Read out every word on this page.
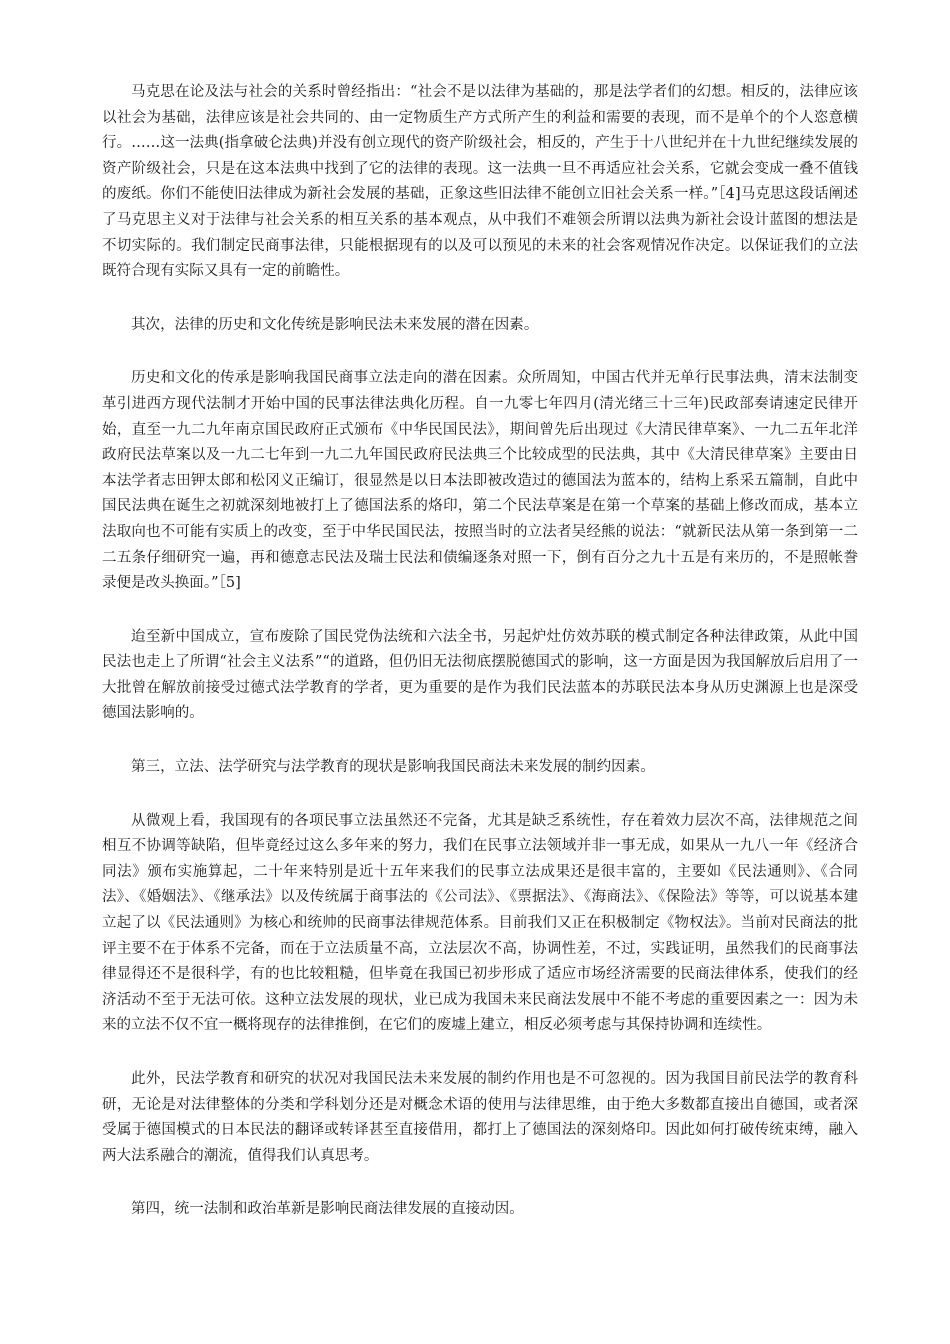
马克思在论及法与社会的关系时曾经指出：“社会不是以法律为基础的，那是法学者们的幻想。相反的，法律应该以社会为基础，法律应该是社会共同的、由一定物质生产方式所产生的利益和需要的表现，而不是单个的个人恣意横行。……这一法典(指拿破仑法典)并没有创立现代的资产阶级社会，相反的，产生于十八世纪并在十九世纪继续发展的资产阶级社会，只是在这本法典中找到了它的法律的表现。这一法典一旦不再适应社会关系，它就会变成一叠不值钱的废纸。你们不能使旧法律成为新社会发展的基础，正象这些旧法律不能创立旧社会关系一样。”［4]马克思这段话阐述了马克思主义对于法律与社会关系的相互关系的基本观点，从中我们不难领会所谓以法典为新社会设计蓝图的想法是不切实际的。我们制定民商事法律，只能根据现有的以及可以预见的未来的社会客观情况作决定。以保证我们的立法既符合现有实际又具有一定的前瞻性。

其次，法律的历史和文化传统是影响民法未来发展的潜在因素。

历史和文化的传承是影响我国民商事立法走向的潜在因素。众所周知，中国古代并无单行民事法典，清末法制变革引进西方现代法制才开始中国的民事法律法典化历程。自一九零七年四月(清光绪三十三年)民政部奏请速定民律开始，直至一九二九年南京国民政府正式颁布《中华民国民法》，期间曾先后出现过《大清民律草案》、一九二五年北洋政府民法草案以及一九二七年到一九二九年国民政府民法典三个比较成型的民法典，其中《大清民律草案》主要由日本法学者志田钾太郎和松冈义正编订，很显然是以日本法即被改造过的德国法为蓝本的，结构上系采五篇制，自此中国民法典在诞生之初就深刻地被打上了德国法系的烙印，第二个民法草案是在第一个草案的基础上修改而成，基本立法取向也不可能有实质上的改变，至于中华民国民法，按照当时的立法者吴经熊的说法：“就新民法从第一条到第一二二五条仔细研究一遍，再和德意志民法及瑞士民法和债编逐条对照一下，倒有百分之九十五是有来历的，不是照帐誊录便是改头换面。”［5]

迨至新中国成立，宣布废除了国民党伪法统和六法全书，另起炉灶仿效苏联的模式制定各种法律政策，从此中国民法也走上了所谓“社会主义法系”“的道路，但仍旧无法彻底摆脱德国式的影响，这一方面是因为我国解放后启用了一大批曾在解放前接受过德式法学教育的学者，更为重要的是作为我们民法蓝本的苏联民法本身从历史渊源上也是深受德国法影响的。

第三，立法、法学研究与法学教育的现状是影响我国民商法未来发展的制约因素。

从微观上看，我国现有的各项民事立法虽然还不完备，尤其是缺乏系统性，存在着效力层次不高，法律规范之间相互不协调等缺陷，但毕竟经过这么多年来的努力，我们在民事立法领域并非一事无成，如果从一九八一年《经济合同法》颁布实施算起，二十年来特别是近十五年来我们的民事立法成果还是很丰富的，主要如《民法通则》、《合同法》、《婚姻法》、《继承法》以及传统属于商事法的《公司法》、《票据法》、《海商法》、《保险法》等等，可以说基本建立起了以《民法通则》为核心和统帅的民商事法律规范体系。目前我们又正在积极制定《物权法》。当前对民商法的批评主要不在于体系不完备，而在于立法质量不高，立法层次不高，协调性差，不过，实践证明，虽然我们的民商事法律显得还不是很科学，有的也比较粗糙，但毕竟在我国已初步形成了适应市场经济需要的民商法律体系，使我们的经济活动不至于无法可依。这种立法发展的现状，业已成为我国未来民商法发展中不能不考虑的重要因素之一：因为未来的立法不仅不宜一概将现存的法律推倒，在它们的废墟上建立，相反必须考虑与其保持协调和连续性。

此外，民法学教育和研究的状况对我国民法未来发展的制约作用也是不可忽视的。因为我国目前民法学的教育科研，无论是对法律整体的分类和学科划分还是对概念术语的使用与法律思维，由于绝大多数都直接出自德国，或者深受属于德国模式的日本民法的翻译或转译甚至直接借用，都打上了德国法的深刻烙印。因此如何打破传统束缚，融入两大法系融合的潮流，值得我们认真思考。

第四，统一法制和政治革新是影响民商法律发展的直接动因。
